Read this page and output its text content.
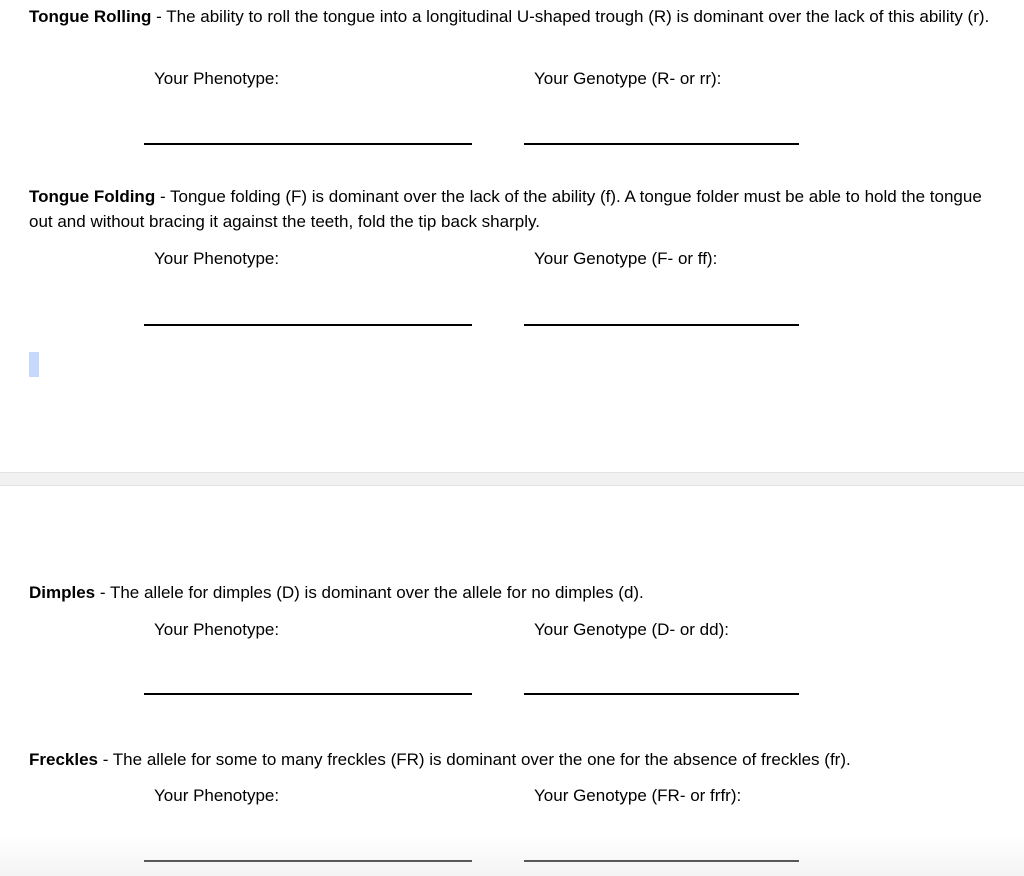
Tongue Rolling - The ability to roll the tongue into a longitudinal U-shaped trough (R) is dominant over the lack of this ability (r).

Your Phenotype:	Your Genotype (R- or rr):

Tongue Folding - Tongue folding (F) is dominant over the lack of the ability (f). A tongue folder must be able to hold the tongue out and without bracing it against the teeth, fold the tip back sharply.

Your Phenotype:	Your Genotype (F- or ff):

Dimples - The allele for dimples (D) is dominant over the allele for no dimples (d).

Your Phenotype:	Your Genotype (D- or dd):

Freckles - The allele for some to many freckles (FR) is dominant over the one for the absence of freckles (fr).

Your Phenotype:	Your Genotype (FR- or frfr):
